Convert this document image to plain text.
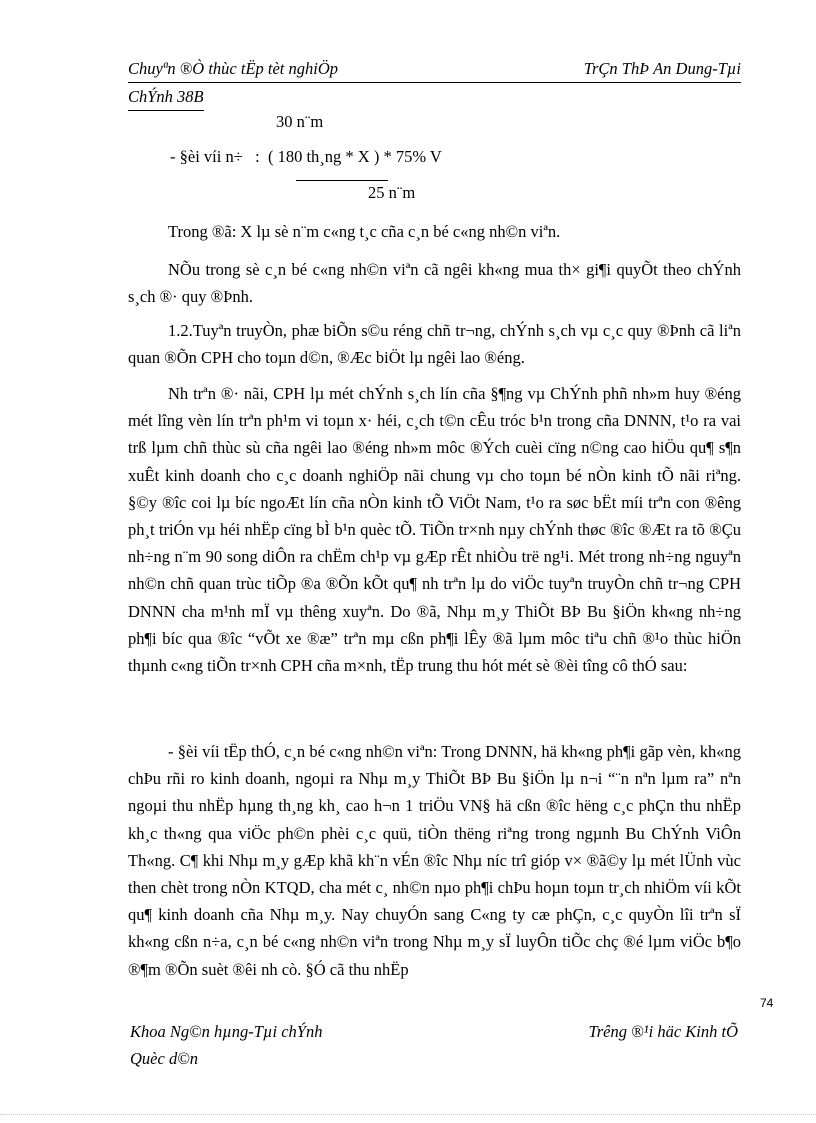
Chuyªn ®Ò thùc tËp tèt nghiÖp
ChÝnh 38B
TrÇn ThÞ An Dung-Tµi
30 n¨m
- §èi víi n÷   :  ( 180 th¸ng * X ) * 75% V
25 n¨m

Trong ®ã: X lµ sè n¨m c«ng t¸c cña c¸n bé c«ng nh©n viªn.

NÕu trong sè c¸n bé c«ng nh©n viªn cã ngêi kh«ng mua th× gi¶i quyÕt theo chÝnh s¸ch ®· quy ®Þnh.

1.2.Tuyªn truyÒn, phæ biÕn s©u réng chñ tr¬ng, chÝnh s¸ch vµ c¸c quy ®Þnh cã liªn quan ®Õn CPH cho toµn d©n, ®Æc biÖt lµ ngêi lao ®éng.

Nh trªn ®· nãi, CPH lµ mét chÝnh s¸ch lín cña §¶ng vµ ChÝnh phñ nh»m huy ®éng mét lîng vèn lín trªn ph¹m vi toµn x· héi, c¸ch t©n cÊu tróc b¹n trong cña DNNN, t¹o ra vai trß lµm chñ thùc sù cña ngêi lao ®éng nh»m môc ®Ých cuèi cïng n©ng cao hiÖu qu¶ s¶n xuÊt kinh doanh cho c¸c doanh nghiÖp nãi chung vµ cho toµn bé nÒn kinh tÕ nãi riªng. §©y ®îc coi lµ bíc ngoÆt lín cña nÒn kinh tÕ ViÖt Nam, t¹o ra søc bËt míi trªn con ®êng ph¸t triÓn vµ héi nhËp cïng bÌ b¹n quèc tÕ. TiÕn tr×nh nµy chÝnh thøc ®îc ®Æt ra tõ ®Çu nh÷ng n¨m 90 song diÔn ra chËm ch¹p vµ gÆp rÊt nhiÒu trë ng¹i. Mét trong nh÷ng nguyªn nh©n chñ quan trùc tiÕp ®a ®Õn kÕt qu¶ nh trªn lµ do viÖc tuyªn truyÒn chñ tr¬ng CPH DNNN cha m¹nh mÏ vµ thêng xuyªn. Do ®ã, Nhµ m¸y ThiÕt BÞ Bu §iÖn kh«ng nh÷ng ph¶i bíc qua ®îc “vÕt xe ®æ” trªn mµ cßn ph¶i lÊy ®ã lµm môc tiªu chñ ®¹o thùc hiÖn thµnh c«ng tiÕn tr×nh CPH cña m×nh, tËp trung thu hót mét sè ®èi tîng cô thÓ sau:

- §èi víi tËp thÓ, c¸n bé c«ng nh©n viªn: Trong DNNN, hä kh«ng ph¶i gãp vèn, kh«ng chÞu rñi ro kinh doanh, ngoµi ra Nhµ m¸y ThiÕt BÞ Bu §iÖn lµ n¬i “¨n nªn lµm ra” nªn ngoµi thu nhËp hµng th¸ng kh¸ cao h¬n 1 triÖu VN§ hä cßn ®îc hëng c¸c phÇn thu nhËp kh¸c th«ng qua viÖc ph©n phèi c¸c quü, tiÒn thëng riªng trong ngµnh Bu ChÝnh ViÔn Th«ng. C¶ khi Nhµ m¸y gÆp khã kh¨n vÉn ®îc Nhµ níc trî gióp v× ®ã©y lµ mét lÜnh vùc then chèt trong nÒn KTQD, cha mét c¸ nh©n nµo ph¶i chÞu hoµn toµn tr¸ch nhiÖm víi kÕt qu¶ kinh doanh cña Nhµ m¸y. Nay chuyÓn sang C«ng ty cæ phÇn, c¸c quyÒn lîi trªn sÏ kh«ng cßn n÷a, c¸n bé c«ng nh©n viªn trong Nhµ m¸y sÏ luyÔn tiÕc chç ®é lµm viÖc b¶o ®¶m ®Õn suèt ®êi nh cò. §Ó cã thu nhËp

74
Khoa Ng©n hµng-Tµi chÝnh
Quèc d©n
Trêng ®¹i häc Kinh tÕ
